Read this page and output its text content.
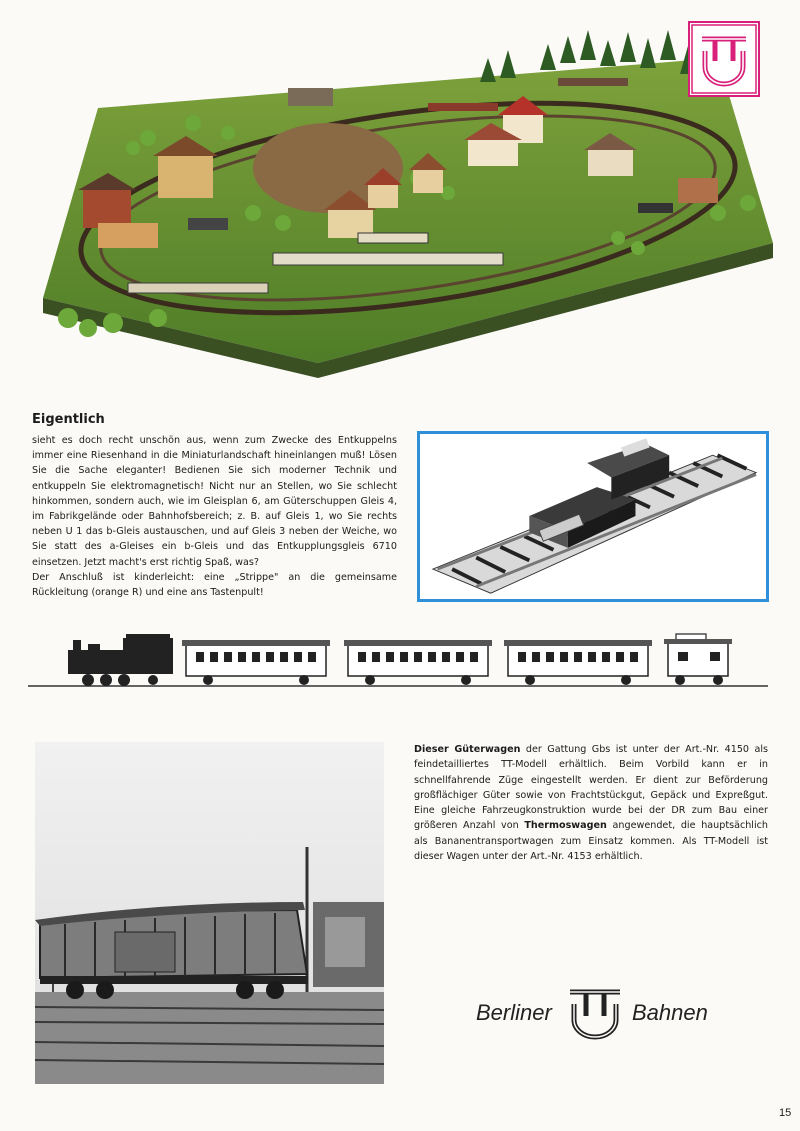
Eigentlich
sieht es doch recht unschön aus, wenn zum Zwecke des Entkuppelns immer eine Riesenhand in die Miniaturlandschaft hineinlangen muß! Lösen Sie die Sache eleganter! Bedienen Sie sich moderner Technik und entkuppeln Sie elektromagnetisch! Nicht nur an Stellen, wo Sie schlecht hinkommen, sondern auch, wie im Gleisplan 6, am Güterschuppen Gleis 4, im Fabrikgelände oder Bahnhofsbereich; z. B. auf Gleis 1, wo Sie rechts neben U 1 das b-Gleis austauschen, und auf Gleis 3 neben der Weiche, wo Sie statt des a-Gleises ein b-Gleis und das Entkupplungsgleis 6710 einsetzen. Jetzt macht's erst richtig Spaß, was?
Der Anschluß ist kinderleicht: eine „Strippe" an die gemeinsame Rückleitung (orange R) und eine ans Tastenpult!

Dieser Güterwagen der Gattung Gbs ist unter der Art.-Nr. 4150 als feindetailliertes TT-Modell erhältlich. Beim Vorbild kann er in schnellfahrende Züge eingestellt werden. Er dient zur Beförderung großflächiger Güter sowie von Frachtstückgut, Gepäck und Expreßgut. Eine gleiche Fahrzeugkonstruktion wurde bei der DR zum Bau einer größeren Anzahl von Thermoswagen angewendet, die hauptsächlich als Bananentransportwagen zum Einsatz kommen. Als TT-Modell ist dieser Wagen unter der Art.-Nr. 4153 erhältlich.

Berliner	Bahnen

15
